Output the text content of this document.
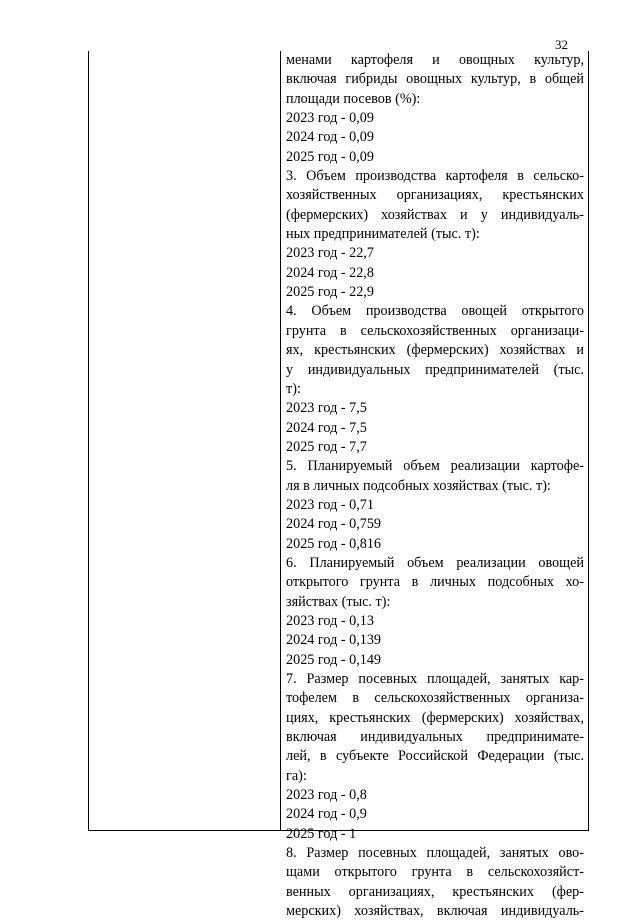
32
менами картофеля и овощных культур,
включая гибриды овощных культур, в общей
площади посевов (%):
2023 год - 0,09
2024 год - 0,09
2025 год - 0,09
3. Объем производства картофеля в сельско-
хозяйственных организациях, крестьянских
(фермерских) хозяйствах и у индивидуаль-
ных предпринимателей (тыс. т):
2023 год - 22,7
2024 год - 22,8
2025 год - 22,9
4. Объем производства овощей открытого
грунта в сельскохозяйственных организаци-
ях, крестьянских (фермерских) хозяйствах и
у индивидуальных предпринимателей (тыс.
т):
2023 год - 7,5
2024 год - 7,5
2025 год - 7,7
5. Планируемый объем реализации картофе-
ля в личных подсобных хозяйствах (тыс. т):
2023 год - 0,71
2024 год - 0,759
2025 год - 0,816
6. Планируемый объем реализации овощей
открытого грунта в личных подсобных хо-
зяйствах (тыс. т):
2023 год - 0,13
2024 год - 0,139
2025 год - 0,149
7. Размер посевных площадей, занятых кар-
тофелем в сельскохозяйственных организа-
циях, крестьянских (фермерских) хозяйствах,
включая индивидуальных предпринимате-
лей, в субъекте Российской Федерации (тыс.
га):
2023 год - 0,8
2024 год - 0,9
2025 год - 1
8. Размер посевных площадей, занятых ово-
щами открытого грунта в сельскохозяйст-
венных организациях, крестьянских (фер-
мерских) хозяйствах, включая индивидуаль-
